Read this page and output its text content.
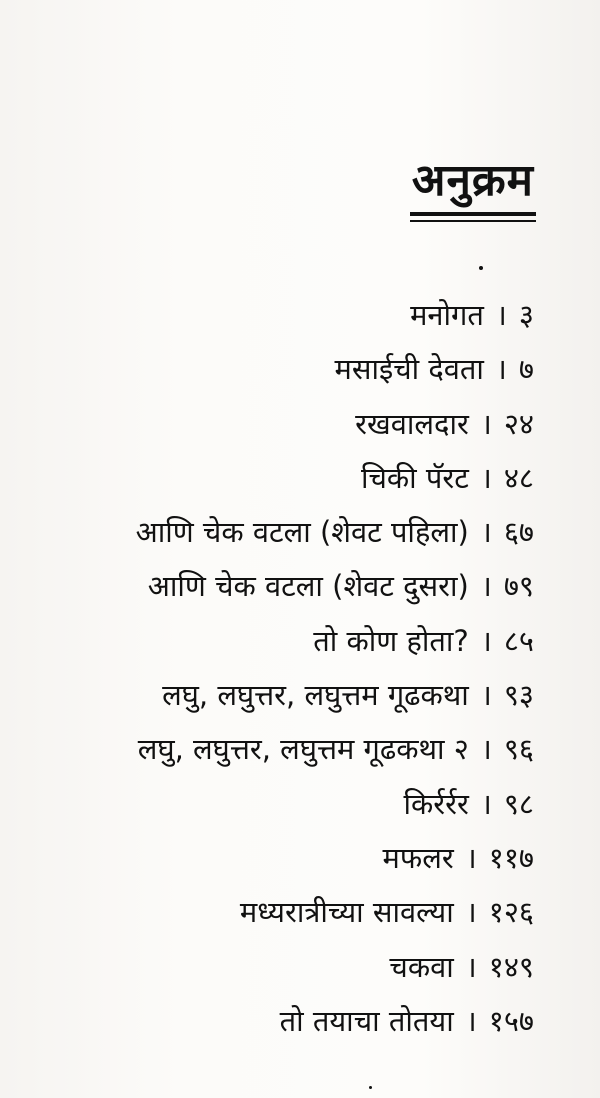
अनुक्रम
मनोगत । ३
मसाईची देवता । ७
रखवालदार । २४
चिकी पॅरट । ४८
आणि चेक वटला (शेवट पहिला) । ६७
आणि चेक वटला (शेवट दुसरा) । ७९
तो कोण होता? । ८५
लघु, लघुत्तर, लघुत्तम गूढकथा । ९३
लघु, लघुत्तर, लघुत्तम गूढकथा २ । ९६
किर्रर्रर । ९८
मफलर । ११७
मध्यरात्रीच्या सावल्या । १२६
चकवा । १४९
तो तयाचा तोतया । १५७
